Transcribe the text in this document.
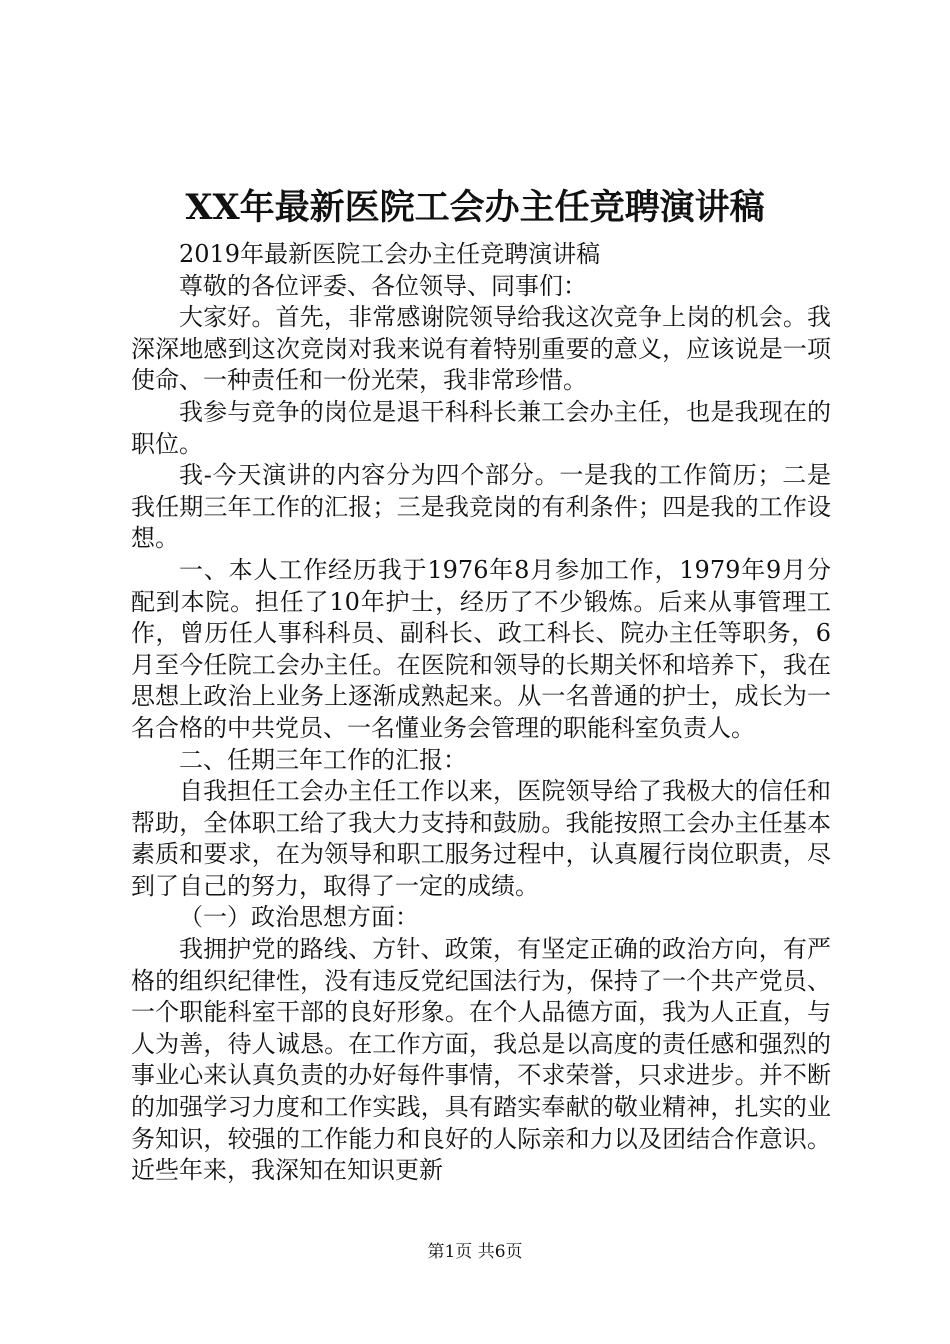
XX年最新医院工会办主任竞聘演讲稿

2019年最新医院工会办主任竞聘演讲稿

尊敬的各位评委、各位领导、同事们：

大家好。首先，非常感谢院领导给我这次竞争上岗的机会。我深深地感到这次竞岗对我来说有着特别重要的意义，应该说是一项使命、一种责任和一份光荣，我非常珍惜。

我参与竞争的岗位是退干科科长兼工会办主任，也是我现在的职位。

我-今天演讲的内容分为四个部分。一是我的工作简历；二是我任期三年工作的汇报；三是我竞岗的有利条件；四是我的工作设想。

一、本人工作经历我于1976年8月参加工作，1979年9月分配到本院。担任了10年护士，经历了不少锻炼。后来从事管理工作，曾历任人事科科员、副科长、政工科长、院办主任等职务，6月至今任院工会办主任。在医院和领导的长期关怀和培养下，我在思想上政治上业务上逐渐成熟起来。从一名普通的护士，成长为一名合格的中共党员、一名懂业务会管理的职能科室负责人。

二、任期三年工作的汇报：

自我担任工会办主任工作以来，医院领导给了我极大的信任和帮助，全体职工给了我大力支持和鼓励。我能按照工会办主任基本素质和要求，在为领导和职工服务过程中，认真履行岗位职责，尽到了自己的努力，取得了一定的成绩。

（一）政治思想方面：

我拥护党的路线、方针、政策，有坚定正确的政治方向，有严格的组织纪律性，没有违反党纪国法行为，保持了一个共产党员、一个职能科室干部的良好形象。在个人品德方面，我为人正直，与人为善，待人诚恳。在工作方面，我总是以高度的责任感和强烈的事业心来认真负责的办好每件事情，不求荣誉，只求进步。并不断的加强学习力度和工作实践，具有踏实奉献的敬业精神，扎实的业务知识，较强的工作能力和良好的人际亲和力以及团结合作意识。近些年来，我深知在知识更新

第1页 共6页
